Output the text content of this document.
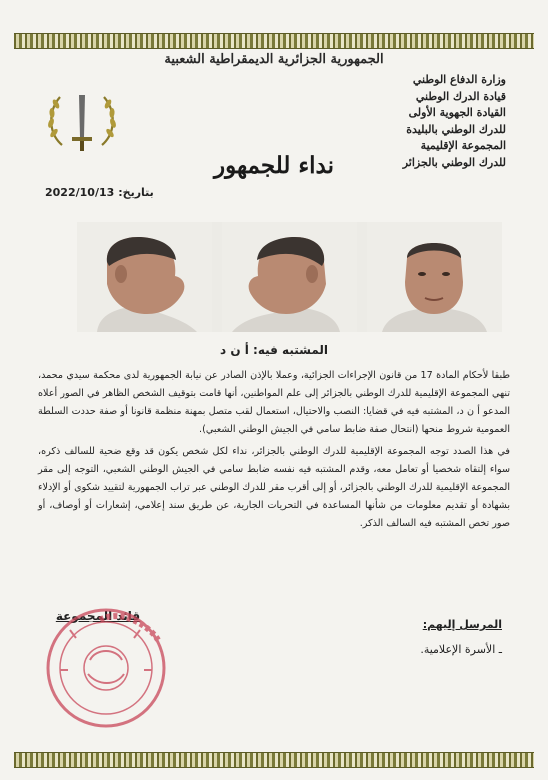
الجمهورية الجزائرية الديمقراطية الشعبية
وزارة الدفاع الوطني
قيادة الدرك الوطني
القيادة الجهوية الأولى
للدرك الوطني بالبليدة
المجموعة الإقليمية
للدرك الوطني بالجزائر
نداء للجمهور
بتاريخ:2022/10/13
المشتبه فيه: أ ن د

طبقا لأحكام المادة 17 من قانون الإجراءات الجزائية، وعملا بالإذن الصادر عن نيابة الجمهورية لدى محكمة سيدي محمد، تنهي المجموعة الإقليمية للدرك الوطني بالجزائر إلى علم المواطنين، أنها قامت بتوقيف الشخص الظاهر في الصور أعلاه المدعو أ ن د، المشتبه فيه في قضايا: النصب والاحتيال، استعمال لقب متصل بمهنة منظمة قانونا أو صفة حددت السلطة العمومية شروط منحها (انتحال صفة ضابط سامي في الجيش الوطني الشعبي).

في هذا الصدد توجه المجموعة الإقليمية للدرك الوطني بالجزائر، نداء لكل شخص يكون قد وقع ضحية للسالف ذكره، سواء إلتقاه شخصيا أو تعامل معه، وقدم المشتبه فيه نفسه ضابط سامي في الجيش الوطني الشعبي، التوجه إلى مقر المجموعة الإقليمية للدرك الوطني بالجزائر، أو إلى أقرب مقر للدرك الوطني عبر تراب الجمهورية لتقييد شكوى أو الإدلاء بشهادة أو تقديم معلومات من شأنها المساعدة في التحريات الجارية، عن طريق سند إعلامي، إشعارات أو أوصاف، أو صور تخص المشتبه فيه السالف الذكر.

المرسل إليهم:
ـ الأسرة الإعلامية.
قائد المجموعة
